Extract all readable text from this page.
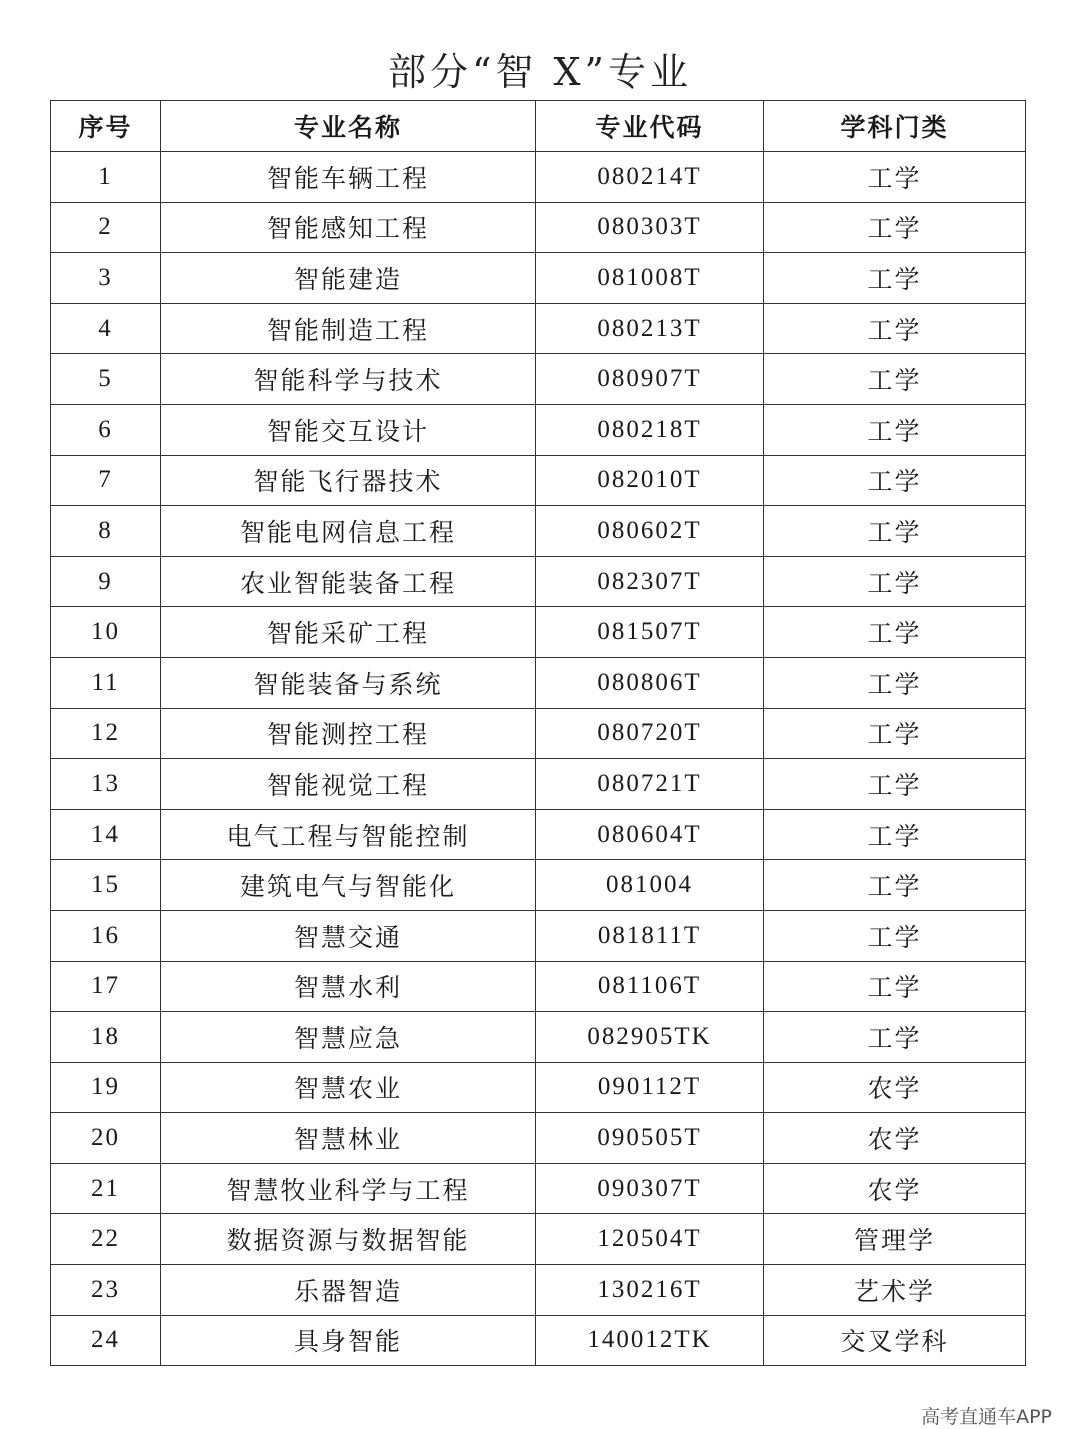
部分“智 X”专业
序号	专业名称	专业代码	学科门类
1	智能车辆工程	080214T	工学
2	智能感知工程	080303T	工学
3	智能建造	081008T	工学
4	智能制造工程	080213T	工学
5	智能科学与技术	080907T	工学
6	智能交互设计	080218T	工学
7	智能飞行器技术	082010T	工学
8	智能电网信息工程	080602T	工学
9	农业智能装备工程	082307T	工学
10	智能采矿工程	081507T	工学
11	智能装备与系统	080806T	工学
12	智能测控工程	080720T	工学
13	智能视觉工程	080721T	工学
14	电气工程与智能控制	080604T	工学
15	建筑电气与智能化	081004	工学
16	智慧交通	081811T	工学
17	智慧水利	081106T	工学
18	智慧应急	082905TK	工学
19	智慧农业	090112T	农学
20	智慧林业	090505T	农学
21	智慧牧业科学与工程	090307T	农学
22	数据资源与数据智能	120504T	管理学
23	乐器智造	130216T	艺术学
24	具身智能	140012TK	交叉学科
高考直通车APP
